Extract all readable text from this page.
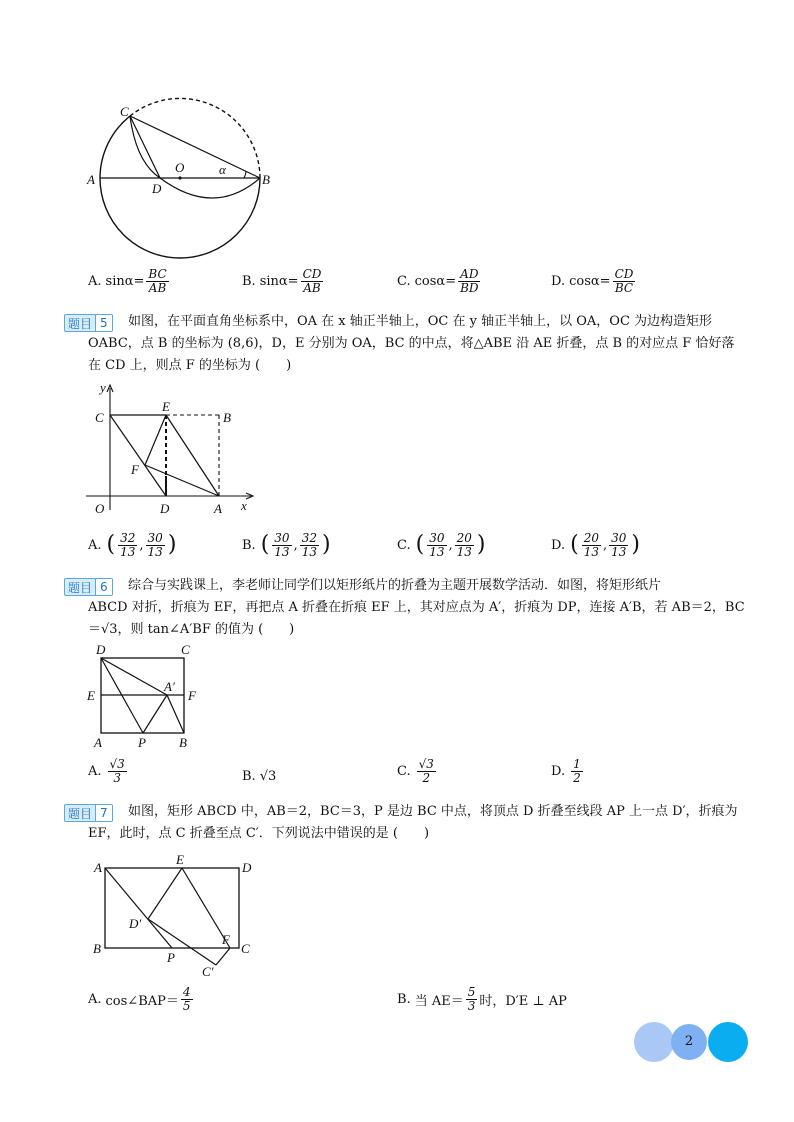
C
A
O
D
α
B
A. $\sin\alpha = \frac{BC}{AB}$	B. $\sin\alpha = \frac{CD}{AB}$	C. $\cos\alpha = \frac{AD}{BD}$	D. $\cos\alpha = \frac{CD}{BC}$
题目 5	如图，在平面直角坐标系中，OA 在 x 轴正半轴上，OC 在 y 轴正半轴上，以 OA，OC 为边构造矩形
OABC，点 B 的坐标为 (8,6)，D，E 分别为 OA，BC 的中点，将△ABE 沿 AE 折叠，点 B 的对应点 F 恰好落
在 CD 上，则点 F 的坐标为 (　　)
y
C
E
B
F
O	D	A x
A. ( $\frac{32}{13}$ , $\frac{30}{13}$ )	B. ( $\frac{30}{13}$ , $\frac{32}{13}$ )	C. ( $\frac{30}{13}$ , $\frac{20}{13}$ )	D. ( $\frac{20}{13}$ , $\frac{30}{13}$ )
题目 6	综合与实践课上，李老师让同学们以矩形纸片的折叠为主题开展数学活动．如图，将矩形纸片
ABCD 对折，折痕为 EF，再把点 A 折叠在折痕 EF 上，其对应点为 A′，折痕为 DP，连接 A′B，若 AB＝2，BC
＝√3，则 tan∠A′BF 的值为 (　　)
D	C
E
A′
F
A	P	B
A. $\frac{√3}{3}$	B. √3	C. $\frac{√3}{2}$	D. $\frac{1}{2}$
题目 7	如图，矩形 ABCD 中，AB＝2，BC＝3，P 是边 BC 中点，将顶点 D 折叠至线段 AP 上一点 D′，折痕为
EF，此时，点 C 折叠至点 C′．下列说法中错误的是 (　　)
A
E
D
D′
F
B	C
P
C′
A. cos∠BAP＝ $\frac{4}{5}$	B. 当 $AE= \frac{5}{3}$ 时，D′E ⊥ AP
2
